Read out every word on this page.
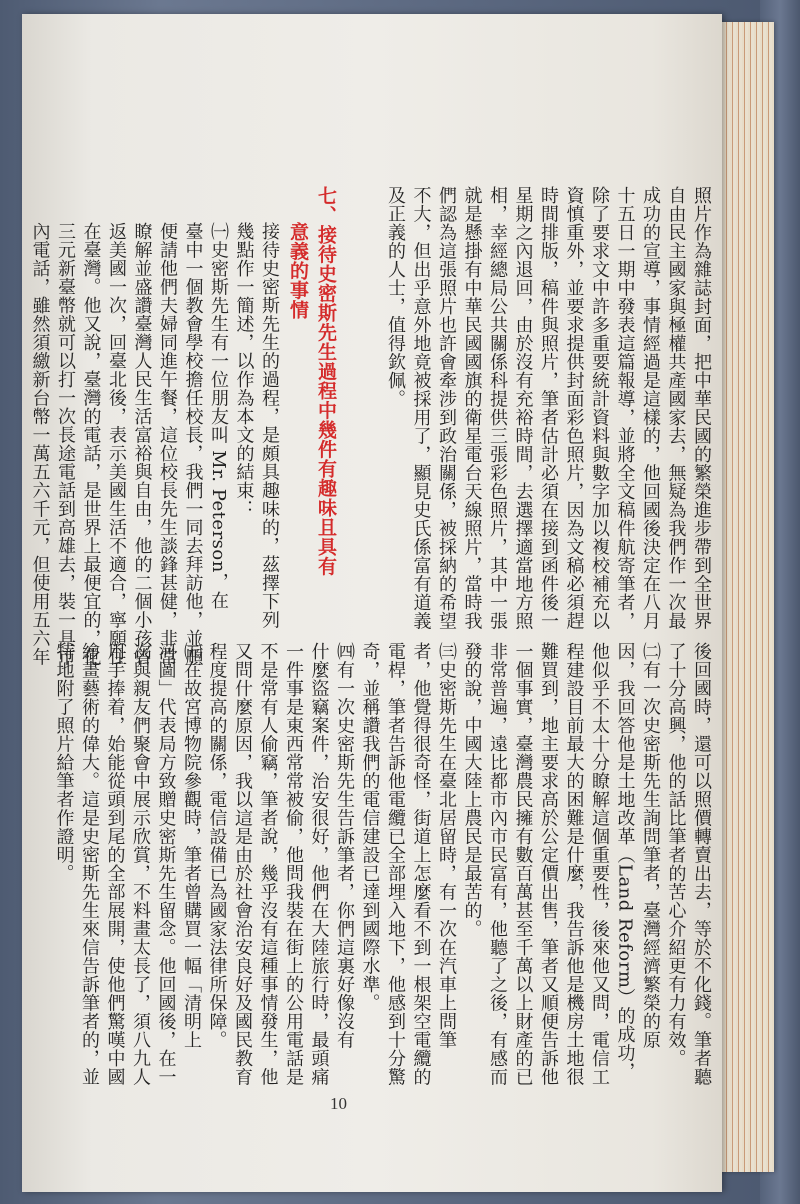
照片作為雜誌封面，把中華民國的繁榮進步帶到全世界
自由民主國家與極權共產國家去，無疑為我們作一次最
成功的宣導，事情經過是這樣的，他回國後決定在八月
十五日一期中發表這篇報導，並將全文稿件航寄筆者，
除了要求文中許多重要統計資料與數字加以複校補充以
資慎重外，並要求提供封面彩色照片，因為文稿必須趕
時間排版，稿件與照片，筆者估計必須在接到函件後一
星期之內退回，由於沒有充裕時間，去選擇適當地方照
相，幸經總局公共關係科提供三張彩色照片，其中一張
就是懸掛有中華民國國旗的衛星電台天線照片，當時我
們認為這張照片也許會牽涉到政治關係，被採納的希望
不大，但出乎意外地竟被採用了，顯見史氏係富有道義
及正義的人士，值得欽佩。
七、接待史密斯先生過程中幾件有趣味且具有
意義的事情
接待史密斯先生的過程，是頗具趣味的，茲擇下列
幾點作一簡述，以作為本文的結束：
㈠史密斯先生有一位朋友叫 Mr. Peterson，在
臺中一個教會學校擔任校長，我們一同去拜訪他，並順
便請他們夫婦同進午餐，這位校長先生談鋒甚健，非常
瞭解並盛讚臺灣人民生活富裕與自由，他的二個小孩曾
返美國一次，回臺北後，表示美國生活不適合，寧願住
在臺灣。他又說，臺灣的電話，是世界上最便宜的，化
三元新臺幣就可以打一次長途電話到高雄去，裝一具市
內電話，雖然須繳新台幣一萬五六千元，但使用五六年
後回國時，還可以照價轉賣出去，等於不化錢。筆者聽
了十分高興，他的話比筆者的苦心介紹更有力有效。
㈡有一次史密斯先生詢問筆者，臺灣經濟繁榮的原
因，我回答他是土地改革（Land Reform）的成功，
他似乎不太十分瞭解這個重要性，後來他又問，電信工
程建設目前最大的困難是什麼，我告訴他是機房土地很
難買到，地主要求高於公定價出售，筆者又順便告訴他
一個事實，臺灣農民擁有數百萬甚至千萬以上財產的已
非常普遍，遠比都市內市民富有，他聽了之後，有感而
發的說，中國大陸上農民是最苦的。
㈢史密斯先生在臺北居留時，有一次在汽車上問筆
者，他覺得很奇怪，街道上怎麼看不到一根架空電纜的
電桿，筆者告訴他電纜已全部埋入地下，他感到十分驚
奇，並稱讚我們的電信建設已達到國際水準。
㈣有一次史密斯先生告訴筆者，你們這裏好像沒有
什麼盜竊案件，治安很好，他們在大陸旅行時，最頭痛
一件事是東西常常被偷，他問我裝在街上的公用電話是
不是常有人偷竊，筆者說，幾乎沒有這種事情發生，他
又問什麼原因，我以這是由於社會治安良好及國民教育
程度提高的關係，電信設備已為國家法律所保障。
㈤在故宮博物院參觀時，筆者曾購買一幅「清明上
河圖」代表局方致贈史密斯先生留念。他回國後，在一
次與親友們聚會中展示欣賞，不料畫太長了，須八九人
用手捧着，始能從頭到尾的全部展開，使他們驚嘆中國
繪畫藝術的偉大。這是史密斯先生來信告訴筆者的，並
特地附了照片給筆者作證明。
10
